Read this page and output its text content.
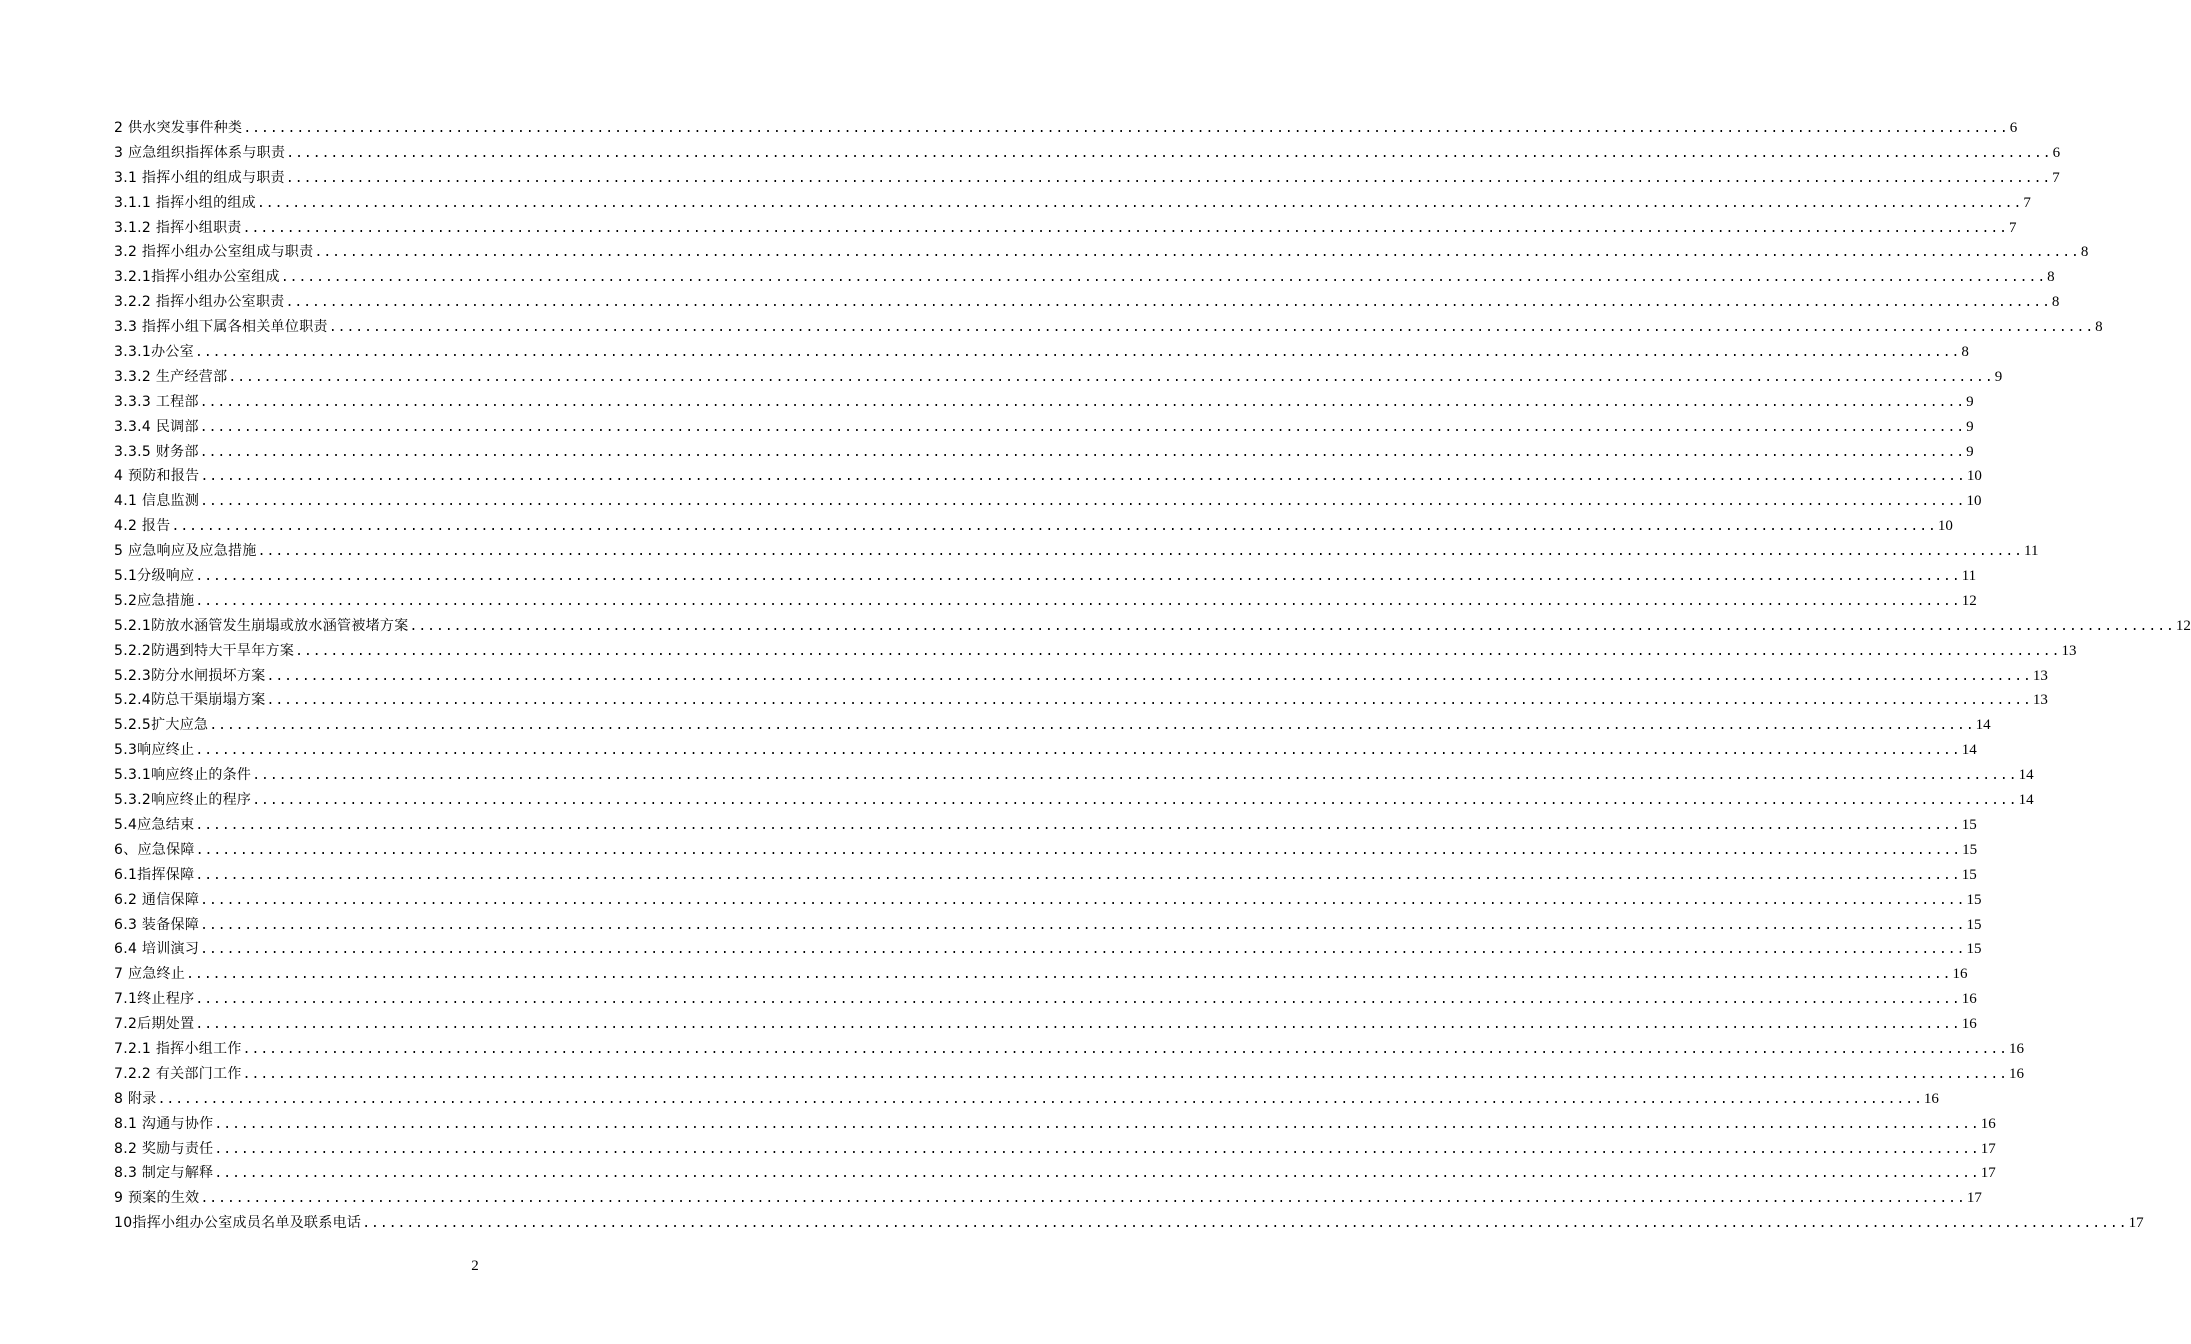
2 供水突发事件种类 ........................................................................................................................................................................................................ 6
3 应急组织指挥体系与职责 ........................................................................................................................................................................................................ 6
3.1 指挥小组的组成与职责 ........................................................................................................................................................................................................ 7
3.1.1 指挥小组的组成 ........................................................................................................................................................................................................ 7
3.1.2 指挥小组职责 ........................................................................................................................................................................................................ 7
3.2 指挥小组办公室组成与职责 ........................................................................................................................................................................................................ 8
3.2.1指挥小组办公室组成 ........................................................................................................................................................................................................ 8
3.2.2 指挥小组办公室职责 ........................................................................................................................................................................................................ 8
3.3 指挥小组下属各相关单位职责 ........................................................................................................................................................................................................ 8
3.3.1办公室 ........................................................................................................................................................................................................ 8
3.3.2 生产经营部 ........................................................................................................................................................................................................ 9
3.3.3 工程部 ........................................................................................................................................................................................................ 9
3.3.4 民调部 ........................................................................................................................................................................................................ 9
3.3.5 财务部 ........................................................................................................................................................................................................ 9
4 预防和报告 ........................................................................................................................................................................................................ 10
4.1 信息监测 ........................................................................................................................................................................................................ 10
4.2 报告 ........................................................................................................................................................................................................ 10
5 应急响应及应急措施 ........................................................................................................................................................................................................ 11
5.1分级响应 ........................................................................................................................................................................................................ 11
5.2应急措施 ........................................................................................................................................................................................................ 12
5.2.1防放水涵管发生崩塌或放水涵管被堵方案 ........................................................................................................................................................................................................ 12
5.2.2防遇到特大干旱年方案 ........................................................................................................................................................................................................ 13
5.2.3防分水闸损坏方案 ........................................................................................................................................................................................................ 13
5.2.4防总干渠崩塌方案 ........................................................................................................................................................................................................ 13
5.2.5扩大应急 ........................................................................................................................................................................................................ 14
5.3响应终止 ........................................................................................................................................................................................................ 14
5.3.1响应终止的条件 ........................................................................................................................................................................................................ 14
5.3.2响应终止的程序 ........................................................................................................................................................................................................ 14
5.4应急结束 ........................................................................................................................................................................................................ 15
6、应急保障 ........................................................................................................................................................................................................ 15
6.1指挥保障 ........................................................................................................................................................................................................ 15
6.2 通信保障 ........................................................................................................................................................................................................ 15
6.3 装备保障 ........................................................................................................................................................................................................ 15
6.4 培训演习 ........................................................................................................................................................................................................ 15
7 应急终止 ........................................................................................................................................................................................................ 16
7.1终止程序 ........................................................................................................................................................................................................ 16
7.2后期处置 ........................................................................................................................................................................................................ 16
7.2.1 指挥小组工作 ........................................................................................................................................................................................................ 16
7.2.2 有关部门工作 ........................................................................................................................................................................................................ 16
8 附录 ........................................................................................................................................................................................................ 16
8.1 沟通与协作 ........................................................................................................................................................................................................ 16
8.2 奖励与责任 ........................................................................................................................................................................................................ 17
8.3 制定与解释 ........................................................................................................................................................................................................ 17
9 预案的生效 ........................................................................................................................................................................................................ 17
10指挥小组办公室成员名单及联系电话 ........................................................................................................................................................................................................ 17
2
